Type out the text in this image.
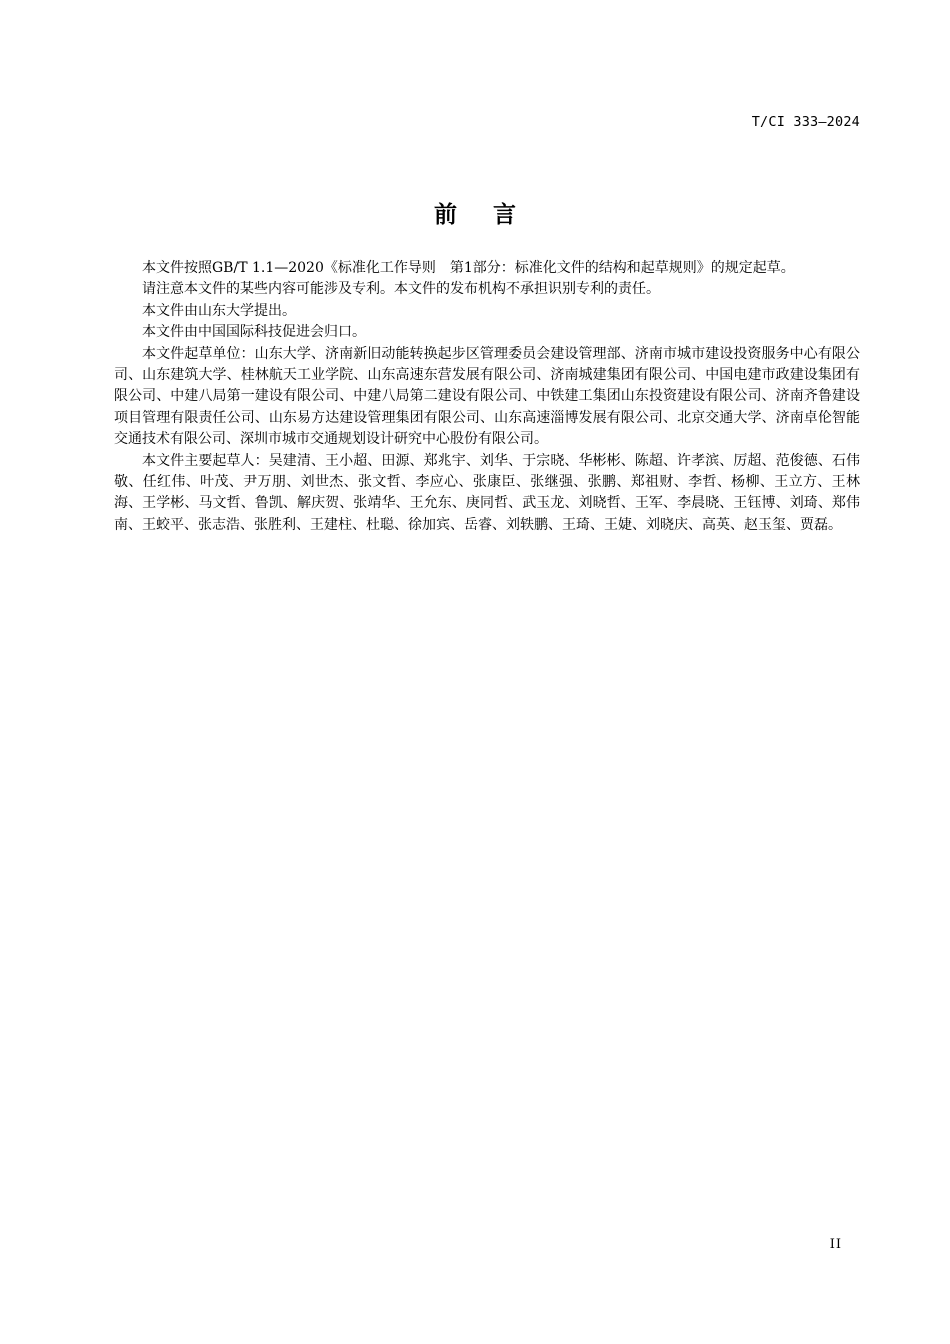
T/CI 333—2024
前言

本文件按照GB/T 1.1—2020《标准化工作导则　第1部分：标准化文件的结构和起草规则》的规定起草。

请注意本文件的某些内容可能涉及专利。本文件的发布机构不承担识别专利的责任。

本文件由山东大学提出。

本文件由中国国际科技促进会归口。

本文件起草单位：山东大学、济南新旧动能转换起步区管理委员会建设管理部、济南市城市建设投资服务中心有限公司、山东建筑大学、桂林航天工业学院、山东高速东营发展有限公司、济南城建集团有限公司、中国电建市政建设集团有限公司、中建八局第一建设有限公司、中建八局第二建设有限公司、中铁建工集团山东投资建设有限公司、济南齐鲁建设项目管理有限责任公司、山东易方达建设管理集团有限公司、山东高速淄博发展有限公司、北京交通大学、济南卓伦智能交通技术有限公司、深圳市城市交通规划设计研究中心股份有限公司。

本文件主要起草人：吴建清、王小超、田源、郑兆宇、刘华、于宗晓、华彬彬、陈超、许孝滨、厉超、范俊德、石伟敬、任红伟、叶茂、尹万朋、刘世杰、张文哲、李应心、张康臣、张继强、张鹏、郑祖财、李哲、杨柳、王立方、王林海、王学彬、马文哲、鲁凯、解庆贺、张靖华、王允东、庚同哲、武玉龙、刘晓哲、王军、李晨晓、王钰博、刘琦、郑伟南、王蛟平、张志浩、张胜利、王建柱、杜聪、徐加宾、岳睿、刘轶鹏、王琦、王婕、刘晓庆、高英、赵玉玺、贾磊。

II
